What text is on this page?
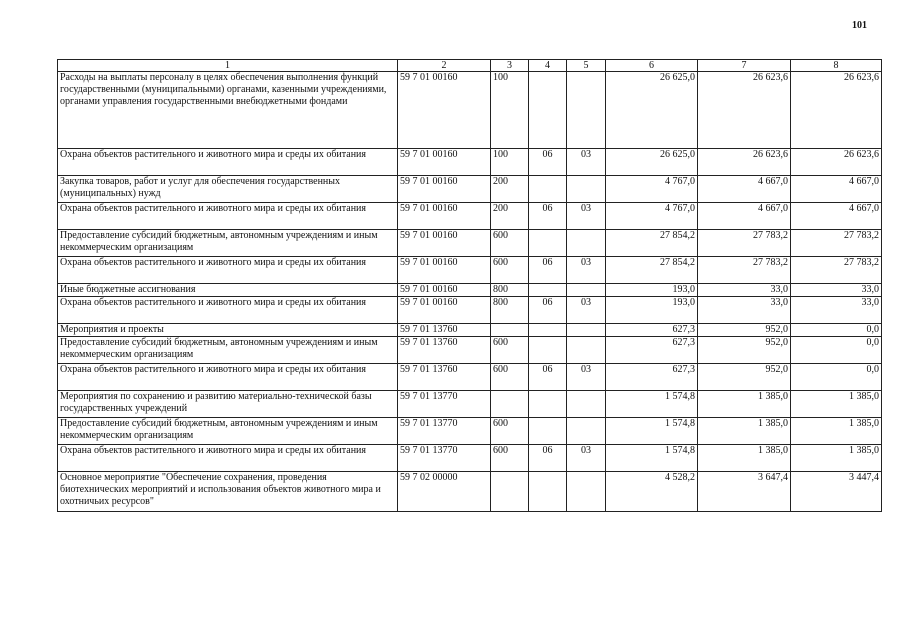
101
1	2	3	4	5	6	7	8
Расходы на выплаты персоналу в целях обеспечения выполнения функций государственными (муниципальными) органами, казенными учреждениями, органами управления государственными внебюджетными фондами	59 7 01 00160	100			26 625,0	26 623,6	26 623,6
Охрана объектов растительного и животного мира и среды их обитания	59 7 01 00160	100	06	03	26 625,0	26 623,6	26 623,6
Закупка товаров, работ и услуг для обеспечения государственных (муниципальных) нужд	59 7 01 00160	200			4 767,0	4 667,0	4 667,0
Охрана объектов растительного и животного мира и среды их обитания	59 7 01 00160	200	06	03	4 767,0	4 667,0	4 667,0
Предоставление субсидий бюджетным, автономным учреждениям и иным некоммерческим организациям	59 7 01 00160	600			27 854,2	27 783,2	27 783,2
Охрана объектов растительного и животного мира и среды их обитания	59 7 01 00160	600	06	03	27 854,2	27 783,2	27 783,2
Иные бюджетные ассигнования	59 7 01 00160	800			193,0	33,0	33,0
Охрана объектов растительного и животного мира и среды их обитания	59 7 01 00160	800	06	03	193,0	33,0	33,0
Мероприятия и проекты	59 7 01 13760				627,3	952,0	0,0
Предоставление субсидий бюджетным, автономным учреждениям и иным некоммерческим организациям	59 7 01 13760	600			627,3	952,0	0,0
Охрана объектов растительного и животного мира и среды их обитания	59 7 01 13760	600	06	03	627,3	952,0	0,0
Мероприятия по сохранению и развитию материально-технической базы государственных учреждений	59 7 01 13770				1 574,8	1 385,0	1 385,0
Предоставление субсидий бюджетным, автономным учреждениям и иным некоммерческим организациям	59 7 01 13770	600			1 574,8	1 385,0	1 385,0
Охрана объектов растительного и животного мира и среды их обитания	59 7 01 13770	600	06	03	1 574,8	1 385,0	1 385,0
Основное мероприятие "Обеспечение сохранения, проведения биотехнических мероприятий и использования объектов животного мира и охотничьих ресурсов"	59 7 02 00000				4 528,2	3 647,4	3 447,4
